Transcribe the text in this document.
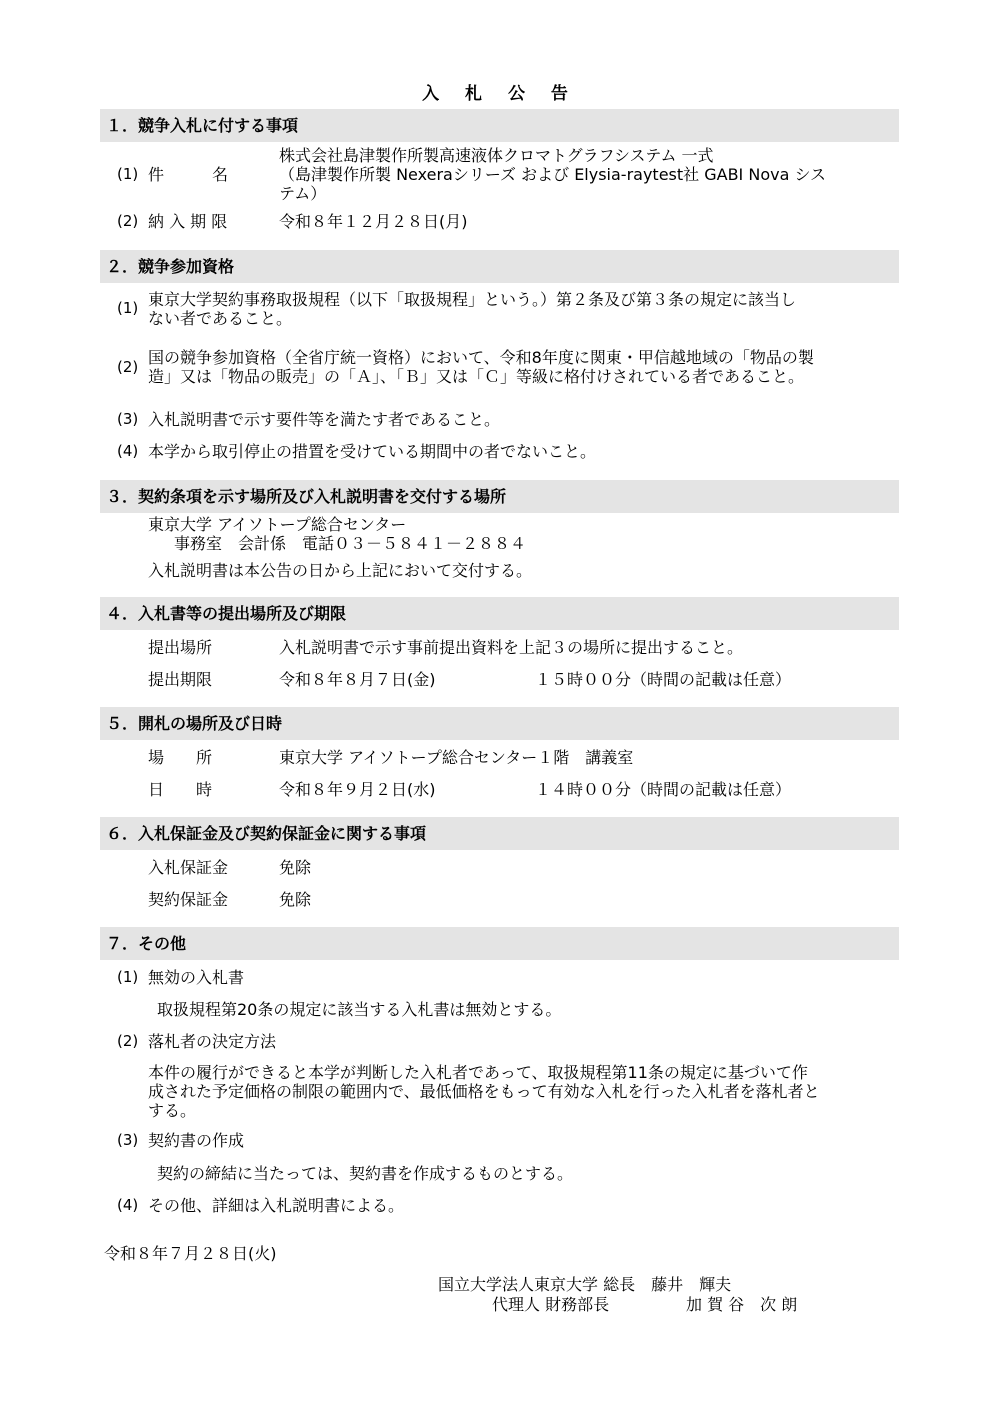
入 札 公 告
１．競争入札に付する事項
(1) 件　　　名
株式会社島津製作所製高速液体クロマトグラフシステム 一式
（島津製作所製 Nexeraシリーズ および Elysia-raytest社 GABI Nova シス
テム）
(2) 納 入 期 限	令和８年１２月２８日(月)
２．競争参加資格
(1) 東京大学契約事務取扱規程（以下「取扱規程」という。）第２条及び第３条の規定に該当し
ない者であること。
(2) 国の競争参加資格（全省庁統一資格）において、令和8年度に関東・甲信越地域の「物品の製
造」又は「物品の販売」の「Ａ」、「Ｂ」又は「Ｃ」等級に格付けされている者であること。
(3) 入札説明書で示す要件等を満たす者であること。
(4) 本学から取引停止の措置を受けている期間中の者でないこと。
３．契約条項を示す場所及び入札説明書を交付する場所
東京大学 アイソトープ総合センター
事務室　会計係　電話０３－５８４１－２８８４
入札説明書は本公告の日から上記において交付する。
４．入札書等の提出場所及び期限
提出場所	入札説明書で示す事前提出資料を上記３の場所に提出すること。
提出期限	令和８年８月７日(金)	１５時００分（時間の記載は任意）
５．開札の場所及び日時
場　　所	東京大学 アイソトープ総合センター１階　講義室
日　　時	令和８年９月２日(水)	１４時００分（時間の記載は任意）
６．入札保証金及び契約保証金に関する事項
入札保証金	免除
契約保証金	免除
７．その他
(1) 無効の入札書
取扱規程第20条の規定に該当する入札書は無効とする。
(2) 落札者の決定方法
本件の履行ができると本学が判断した入札者であって、取扱規程第11条の規定に基づいて作
成された予定価格の制限の範囲内で、最低価格をもって有効な入札を行った入札者を落札者と
する。
(3) 契約書の作成
契約の締結に当たっては、契約書を作成するものとする。
(4) その他、詳細は入札説明書による。
令和８年７月２８日(火)
国立大学法人東京大学 総長　藤井　輝夫
代理人 財務部長	加 賀 谷　次 朗
